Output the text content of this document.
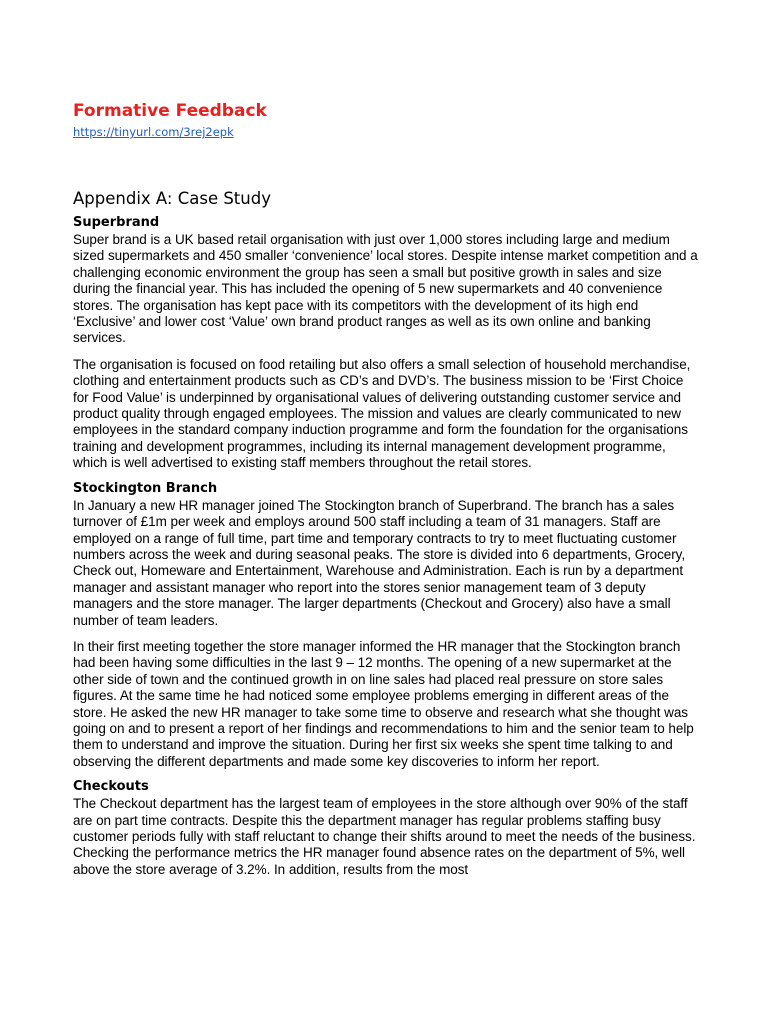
Formative Feedback
https://tinyurl.com/3rej2epk
Appendix A: Case Study
Superbrand

Super brand is a UK based retail organisation with just over 1,000 stores including large and medium sized supermarkets and 450 smaller ‘convenience’ local stores. Despite intense market competition and a challenging economic environment the group has seen a small but positive growth in sales and size during the financial year. This has included the opening of 5 new supermarkets and 40 convenience stores. The organisation has kept pace with its competitors with the development of its high end ‘Exclusive’ and lower cost ‘Value’ own brand product ranges as well as its own online and banking services.

The organisation is focused on food retailing but also offers a small selection of household merchandise, clothing and entertainment products such as CD’s and DVD’s. The business mission to be ‘First Choice for Food Value’ is underpinned by organisational values of delivering outstanding customer service and product quality through engaged employees. The mission and values are clearly communicated to new employees in the standard company induction programme and form the foundation for the organisations training and development programmes, including its internal management development programme, which is well advertised to existing staff members throughout the retail stores.

Stockington Branch

In January a new HR manager joined The Stockington branch of Superbrand. The branch has a sales turnover of £1m per week and employs around 500 staff including a team of 31 managers. Staff are employed on a range of full time, part time and temporary contracts to try to meet fluctuating customer numbers across the week and during seasonal peaks. The store is divided into 6 departments, Grocery, Check out, Homeware and Entertainment, Warehouse and Administration. Each is run by a department manager and assistant manager who report into the stores senior management team of 3 deputy managers and the store manager. The larger departments (Checkout and Grocery) also have a small number of team leaders.

In their first meeting together the store manager informed the HR manager that the Stockington branch had been having some difficulties in the last 9 – 12 months. The opening of a new supermarket at the other side of town and the continued growth in on line sales had placed real pressure on store sales figures. At the same time he had noticed some employee problems emerging in different areas of the store. He asked the new HR manager to take some time to observe and research what she thought was going on and to present a report of her findings and recommendations to him and the senior team to help them to understand and improve the situation. During her first six weeks she spent time talking to and observing the different departments and made some key discoveries to inform her report.

Checkouts

The Checkout department has the largest team of employees in the store although over 90% of the staff are on part time contracts. Despite this the department manager has regular problems staffing busy customer periods fully with staff reluctant to change their shifts around to meet the needs of the business. Checking the performance metrics the HR manager found absence rates on the department of 5%, well above the store average of 3.2%. In addition, results from the most
